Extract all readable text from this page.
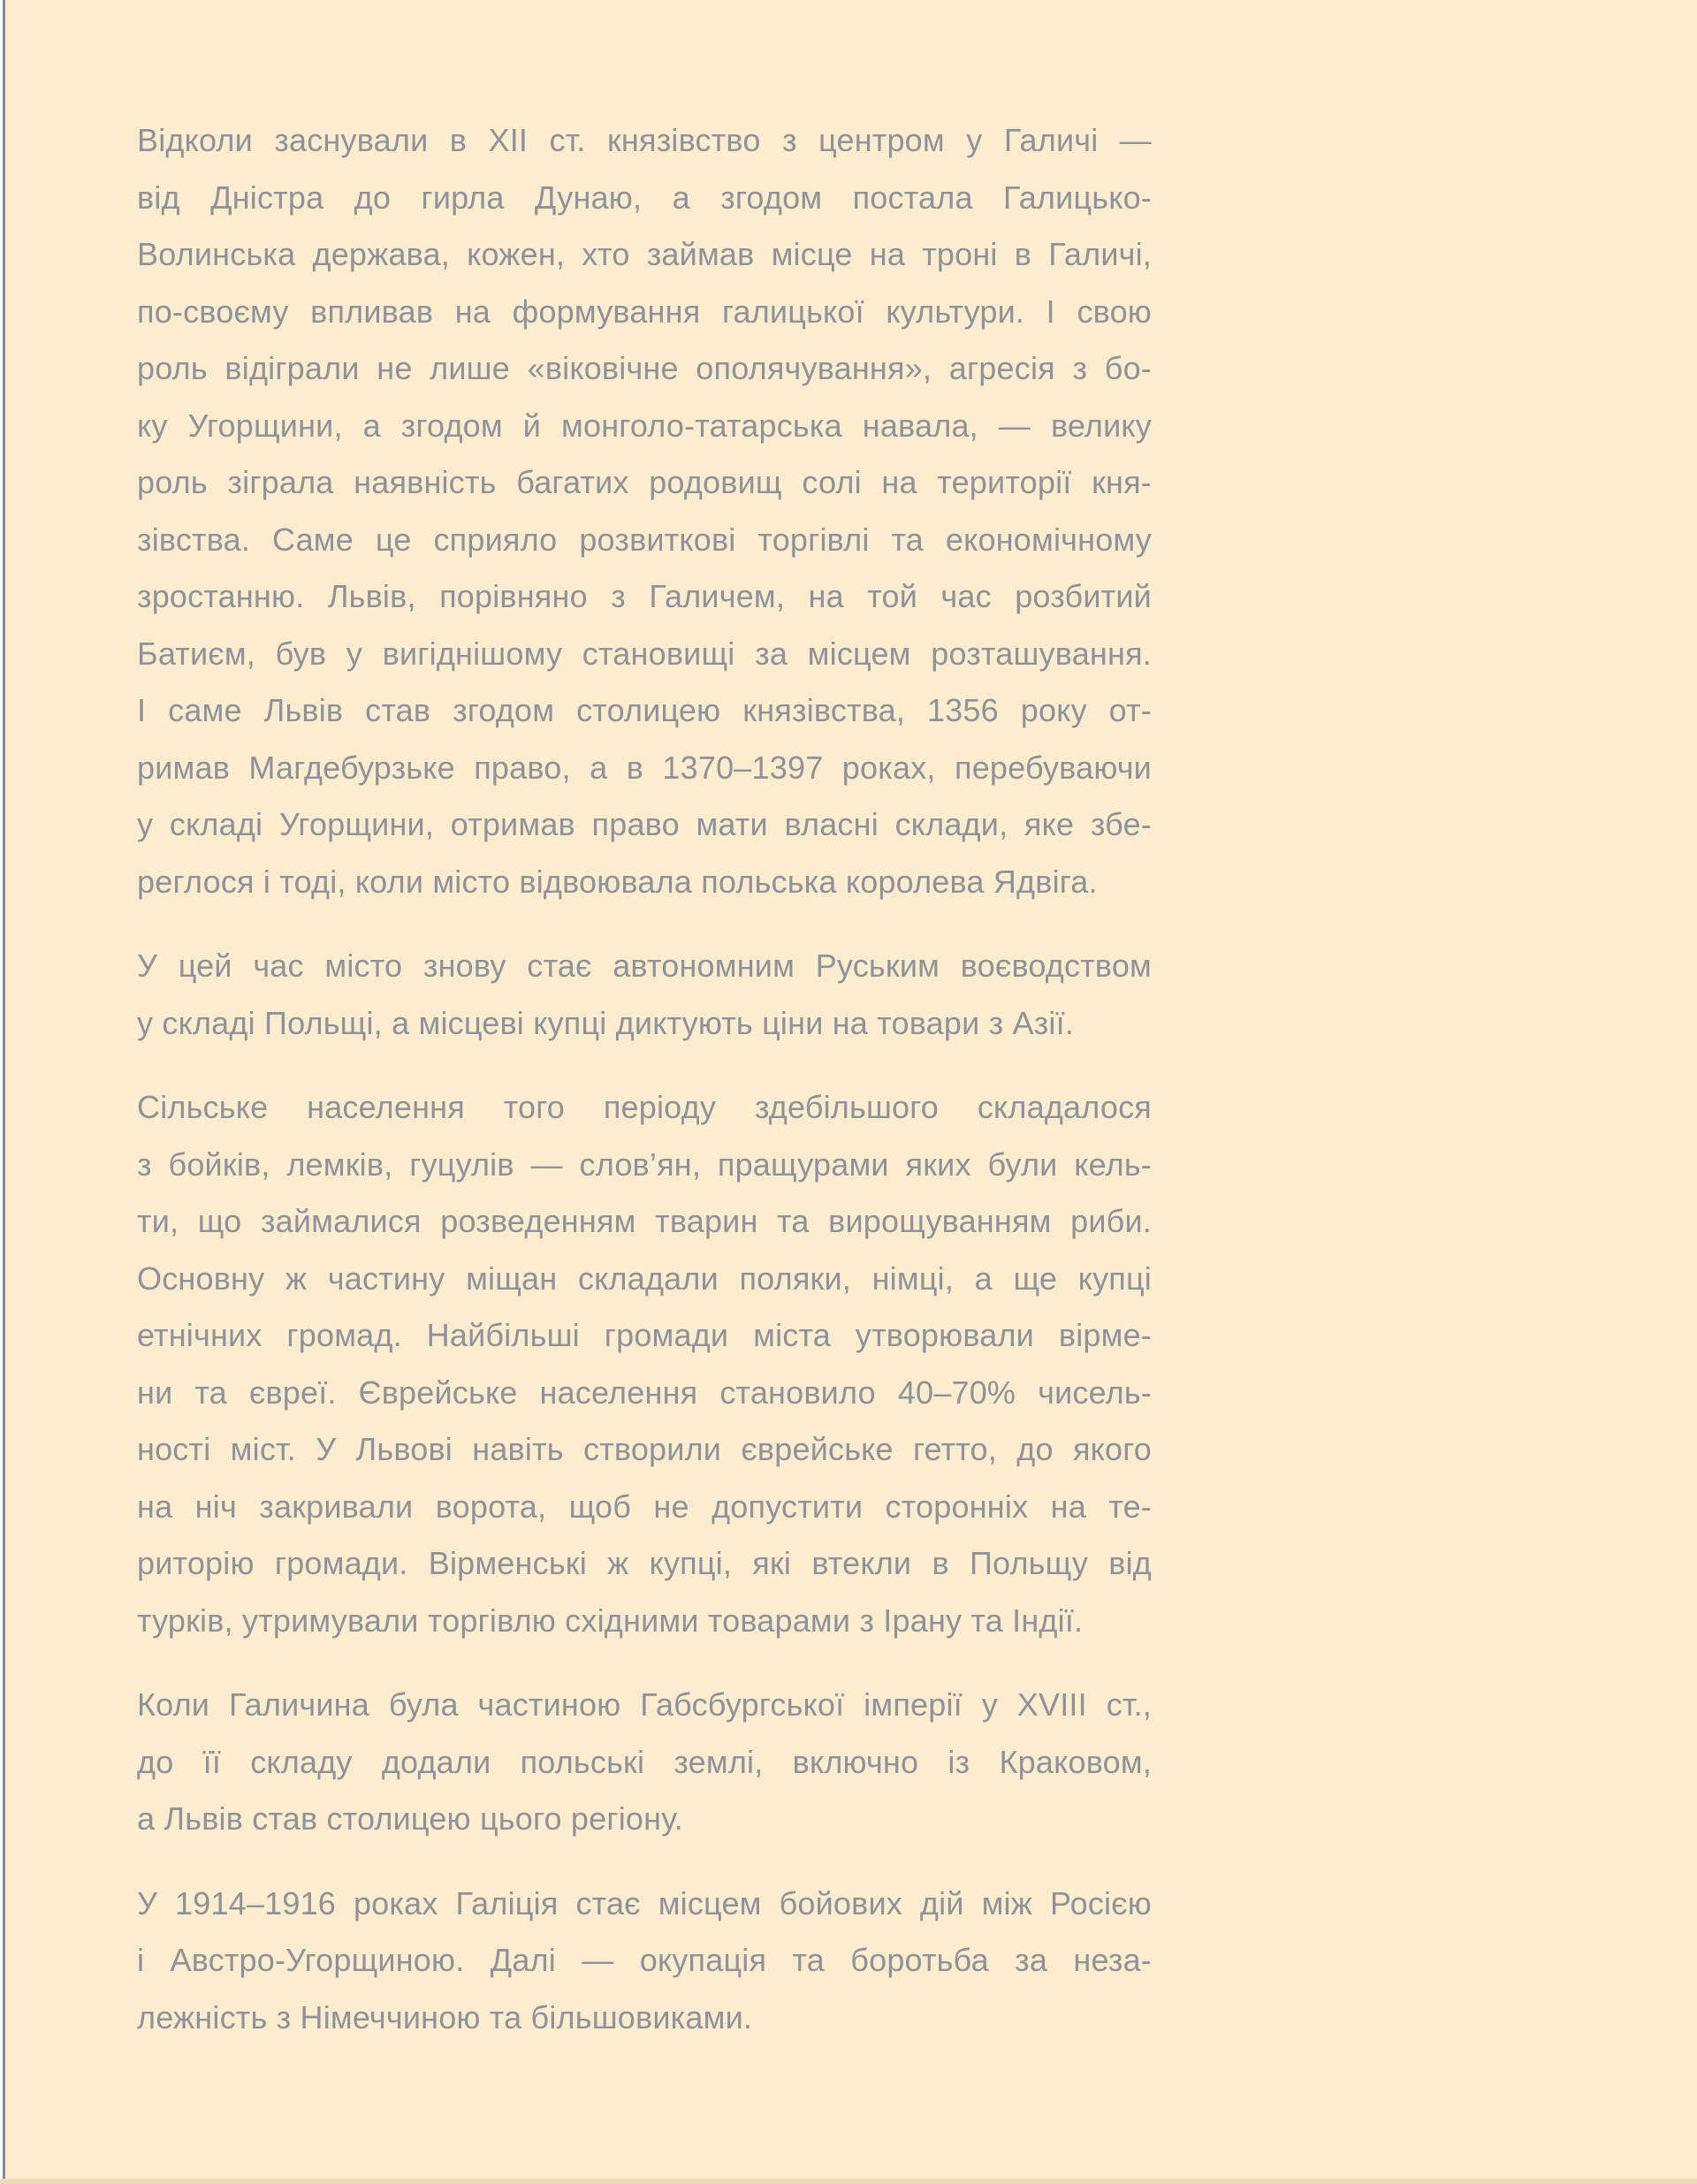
Відколи заснували в XII ст. князівство з центром у Галичі —
від Дністра до гирла Дунаю, а згодом постала Галицько-
Волинська держава, кожен, хто займав місце на троні в Галичі,
по-своєму впливав на формування галицької культури. І свою
роль відіграли не лише «віковічне ополячування», агресія з бо-
ку Угорщини, а згодом й монголо-татарська навала, — велику
роль зіграла наявність багатих родовищ солі на території кня-
зівства. Саме це сприяло розвиткові торгівлі та економічному
зростанню. Львів, порівняно з Галичем, на той час розбитий
Батиєм, був у вигіднішому становищі за місцем розташування.
І саме Львів став згодом столицею князівства, 1356 року от-
римав Магдебурзьке право, а в 1370–1397 роках, перебуваючи
у складі Угорщини, отримав право мати власні склади, яке збе-
реглося і тоді, коли місто відвоювала польська королева Ядвіга.
У цей час місто знову стає автономним Руським воєводством
у складі Польщі, а місцеві купці диктують ціни на товари з Азії.
Сільське населення того періоду здебільшого складалося
з бойків, лемків, гуцулів — слов’ян, пращурами яких були кель-
ти, що займалися розведенням тварин та вирощуванням риби.
Основну ж частину міщан складали поляки, німці, а ще купці
етнічних громад. Найбільші громади міста утворювали вірме-
ни та євреї. Єврейське населення становило 40–70% чисель-
ності міст. У Львові навіть створили єврейське гетто, до якого
на ніч закривали ворота, щоб не допустити сторонніх на те-
риторію громади. Вірменські ж купці, які втекли в Польщу від
турків, утримували торгівлю східними товарами з Ірану та Індії.
Коли Галичина була частиною Габсбургської імперії у XVIII ст.,
до її складу додали польські землі, включно із Краковом,
а Львів став столицею цього регіону.
У 1914–1916 роках Галіція стає місцем бойових дій між Росією
і Австро-Угорщиною. Далі — окупація та боротьба за неза-
лежність з Німеччиною та більшовиками.
